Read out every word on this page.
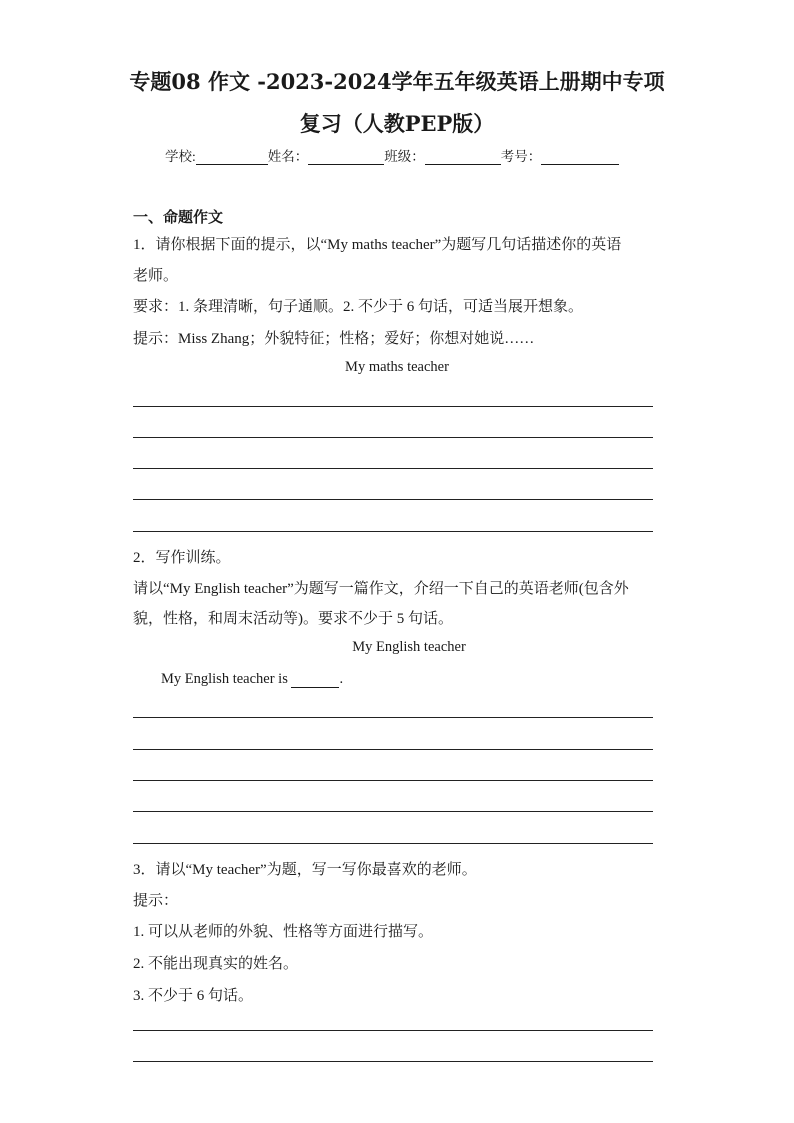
专题08 作文 -2023-2024学年五年级英语上册期中专项
复习（人教PEP版）
学校:	姓名：	班级：	考号：
一、命题作文
1．请你根据下面的提示，以“My maths teacher”为题写几句话描述你的英语
老师。
要求：1. 条理清晰，句子通顺。2. 不少于 6 句话，可适当展开想象。
提示：Miss Zhang；外貌特征；性格；爱好；你想对她说……
My maths teacher
2．写作训练。
请以“My English teacher”为题写一篇作文，介绍一下自己的英语老师(包含外
貌，性格，和周末活动等)。要求不少于 5 句话。
My English teacher
My English teacher is	.
3．请以“My teacher”为题，写一写你最喜欢的老师。
提示：
1. 可以从老师的外貌、性格等方面进行描写。
2. 不能出现真实的姓名。
3. 不少于 6 句话。
